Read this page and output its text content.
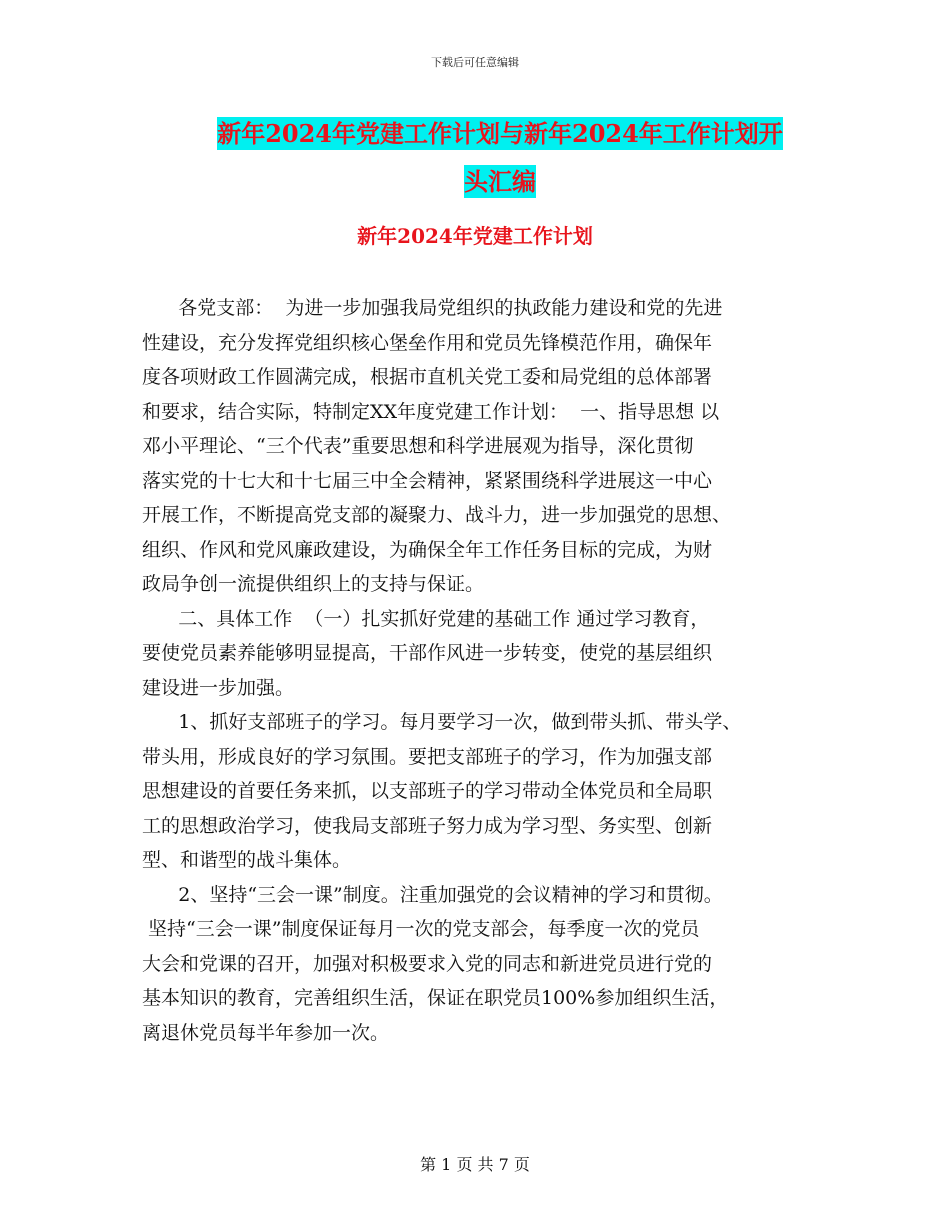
下载后可任意编辑
新年2024年党建工作计划与新年2024年工作计划开
头汇编
新年2024年党建工作计划
各党支部：  为进一步加强我局党组织的执政能力建设和党的先进
性建设，充分发挥党组织核心堡垒作用和党员先锋模范作用，确保年
度各项财政工作圆满完成，根据市直机关党工委和局党组的总体部署
和要求，结合实际，特制定XX年度党建工作计划：  一、指导思想 以
邓小平理论、“三个代表”重要思想和科学进展观为指导，深化贯彻
落实党的十七大和十七届三中全会精神，紧紧围绕科学进展这一中心
开展工作，不断提高党支部的凝聚力、战斗力，进一步加强党的思想、
组织、作风和党风廉政建设，为确保全年工作任务目标的完成，为财
政局争创一流提供组织上的支持与保证。
二、具体工作  （一）扎实抓好党建的基础工作 通过学习教育，
要使党员素养能够明显提高，干部作风进一步转变，使党的基层组织
建设进一步加强。
1、抓好支部班子的学习。每月要学习一次，做到带头抓、带头学、
带头用，形成良好的学习氛围。要把支部班子的学习，作为加强支部
思想建设的首要任务来抓，以支部班子的学习带动全体党员和全局职
工的思想政治学习，使我局支部班子努力成为学习型、务实型、创新
型、和谐型的战斗集体。
2、坚持“三会一课”制度。注重加强党的会议精神的学习和贯彻。
坚持“三会一课”制度保证每月一次的党支部会，每季度一次的党员
大会和党课的召开，加强对积极要求入党的同志和新进党员进行党的
基本知识的教育，完善组织生活，保证在职党员100%参加组织生活，
离退休党员每半年参加一次。
第 1 页 共 7 页
